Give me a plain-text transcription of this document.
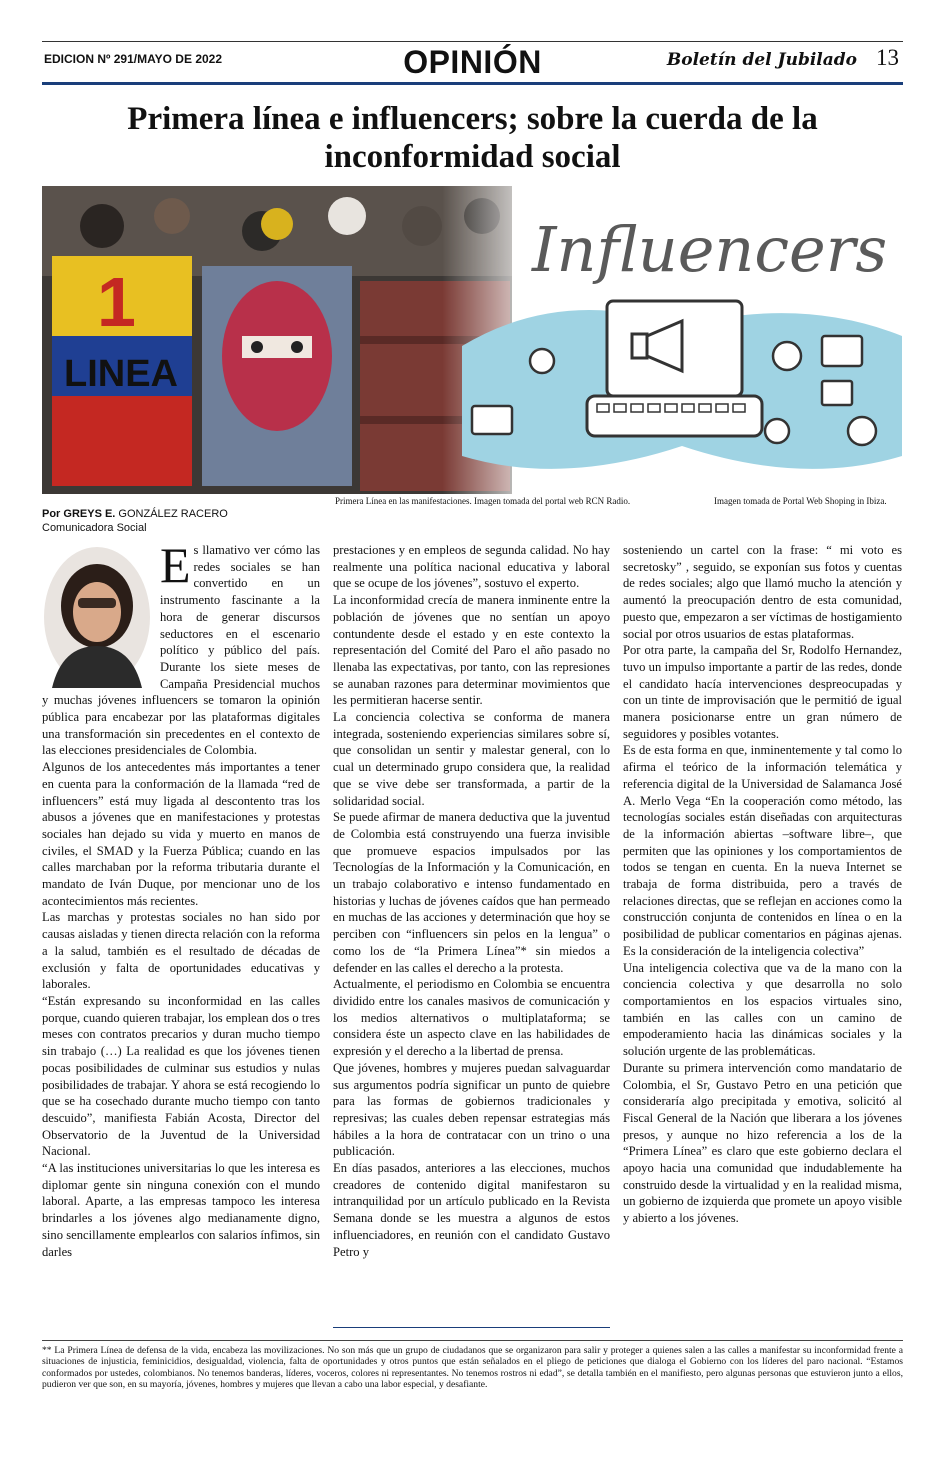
EDICION Nº 291/MAYO DE 2022	OPINIÓN	Boletín del Jubilado 13
Primera línea e influencers; sobre la cuerda de la inconformidad social
1
LINEA
Influencers
Primera Línea en las manifestaciones. Imagen tomada del portal web RCN Radio.	Imagen tomada de Portal Web Shoping in Ibiza.
Por GREYS E. GONZÁLEZ RACERO
Comunicadora Social
E s llamativo ver cómo las redes sociales se han convertido en un instrumento fascinante a la hora de generar discursos seductores en el escenario político y público del país. Durante los siete meses de Campaña Presidencial muchos y muchas jóvenes influencers se tomaron la opinión pública para encabezar por las plataformas digitales una transformación sin precedentes en el contexto de las elecciones presidenciales de Colombia.

Algunos de los antecedentes más importantes a tener en cuenta para la conformación de la llamada “red de influencers” está muy ligada al descontento tras los abusos a jóvenes que en manifestaciones y protestas sociales han dejado su vida y muerto en manos de civiles, el SMAD y la Fuerza Pública; cuando en las calles marchaban por la reforma tributaria durante el mandato de Iván Duque, por mencionar uno de los acontecimientos más recientes.

Las marchas y protestas sociales no han sido por causas aisladas y tienen directa relación con la reforma a la salud, también es el resultado de décadas de exclusión y falta de oportunidades educativas y laborales.

“Están expresando su inconformidad en las calles porque, cuando quieren trabajar, los emplean dos o tres meses con contratos precarios y duran mucho tiempo sin trabajo (…) La realidad es que los jóvenes tienen pocas posibilidades de culminar sus estudios y nulas posibilidades de trabajar. Y ahora se está recogiendo lo que se ha cosechado durante mucho tiempo con tanto descuido”, manifiesta Fabián Acosta, Director del Observatorio de la Juventud de la Universidad Nacional.

“A las instituciones universitarias lo que les interesa es diplomar gente sin ninguna conexión con el mundo laboral. Aparte, a las empresas tampoco les interesa brindarles a los jóvenes algo medianamente digno, sino sencillamente emplearlos con salarios ínfimos, sin darles

prestaciones y en empleos de segunda calidad. No hay realmente una política nacional educativa y laboral que se ocupe de los jóvenes”, sostuvo el experto.

La inconformidad crecía de manera inminente entre la población de jóvenes que no sentían un apoyo contundente desde el estado y en este contexto la representación del Comité del Paro el año pasado no llenaba las expectativas, por tanto, con las represiones se aunaban razones para determinar movimientos que les permitieran hacerse sentir.

La conciencia colectiva se conforma de manera integrada, sosteniendo experiencias similares sobre sí, que consolidan un sentir y malestar general, con lo cual un determinado grupo considera que, la realidad que se vive debe ser transformada, a partir de la solidaridad social.

Se puede afirmar de manera deductiva que la juventud de Colombia está construyendo una fuerza invisible que promueve espacios impulsados por las Tecnologías de la Información y la Comunicación, en un trabajo colaborativo e intenso fundamentado en historias y luchas de jóvenes caídos que han permeado en muchas de las acciones y determinación que hoy se perciben con “influencers sin pelos en la lengua” o como los de “la Primera Línea”* sin miedos a defender en las calles el derecho a la protesta.

Actualmente, el periodismo en Colombia se encuentra dividido entre los canales masivos de comunicación y los medios alternativos o multiplataforma; se considera éste un aspecto clave en las habilidades de expresión y el derecho a la libertad de prensa.

Que jóvenes, hombres y mujeres puedan salvaguardar sus argumentos podría significar un punto de quiebre para las formas de gobiernos tradicionales y represivas; las cuales deben repensar estrategias más hábiles a la hora de contratacar con un trino o una publicación.

En días pasados, anteriores a las elecciones, muchos creadores de contenido digital manifestaron su intranquilidad por un artículo publicado en la Revista Semana donde se les muestra a algunos de estos influenciadores, en reunión con el candidato Gustavo Petro y

sosteniendo un cartel con la frase: “ mi voto es secretosky” , seguido, se exponían sus fotos y cuentas de redes sociales; algo que llamó mucho la atención y aumentó la preocupación dentro de esta comunidad, puesto que, empezaron a ser víctimas de hostigamiento social por otros usuarios de estas plataformas.

Por otra parte, la campaña del Sr, Rodolfo Hernandez, tuvo un impulso importante a partir de las redes, donde el candidato hacía intervenciones despreocupadas y con un tinte de improvisación que le permitió de igual manera posicionarse entre un gran número de seguidores y posibles votantes.

Es de esta forma en que, inminentemente y tal como lo afirma el teórico de la información telemática y referencia digital de la Universidad de Salamanca José A. Merlo Vega “En la cooperación como método, las tecnologías sociales están diseñadas con arquitecturas de la información abiertas –software libre–, que permiten que las opiniones y los comportamientos de todos se tengan en cuenta. En la nueva Internet se trabaja de forma distribuida, pero a través de relaciones directas, que se reflejan en acciones como la construcción conjunta de contenidos en línea o en la posibilidad de publicar comentarios en páginas ajenas. Es la consideración de la inteligencia colectiva”

Una inteligencia colectiva que va de la mano con la conciencia colectiva y que desarrolla no solo comportamientos en los espacios virtuales sino, también en las calles con un camino de empoderamiento hacia las dinámicas sociales y la solución urgente de las problemáticas.

Durante su primera intervención como mandatario de Colombia, el Sr, Gustavo Petro en una petición que consideraría algo precipitada y emotiva, solicitó al Fiscal General de la Nación que liberara a los jóvenes presos, y aunque no hizo referencia a los de la “Primera Línea” es claro que este gobierno declara el apoyo hacia una comunidad que indudablemente ha construido desde la virtualidad y en la realidad misma, un gobierno de izquierda que promete un apoyo visible y abierto a los jóvenes.

** La Primera Línea de defensa de la vida, encabeza las movilizaciones. No son más que un grupo de ciudadanos que se organizaron para salir y proteger a quienes salen a las calles a manifestar su inconformidad frente a situaciones de injusticia, feminicidios, desigualdad, violencia, falta de oportunidades y otros puntos que están señalados en el pliego de peticiones que dialoga el Gobierno con los líderes del paro nacional. “Estamos conformados por ustedes, colombianos. No tenemos banderas, líderes, voceros, colores ni representantes. No tenemos rostros ni edad”, se detalla también en el manifiesto, pero algunas personas que estuvieron junto a ellos, pudieron ver que son, en su mayoría, jóvenes, hombres y mujeres que llevan a cabo una labor especial, y desafiante.
